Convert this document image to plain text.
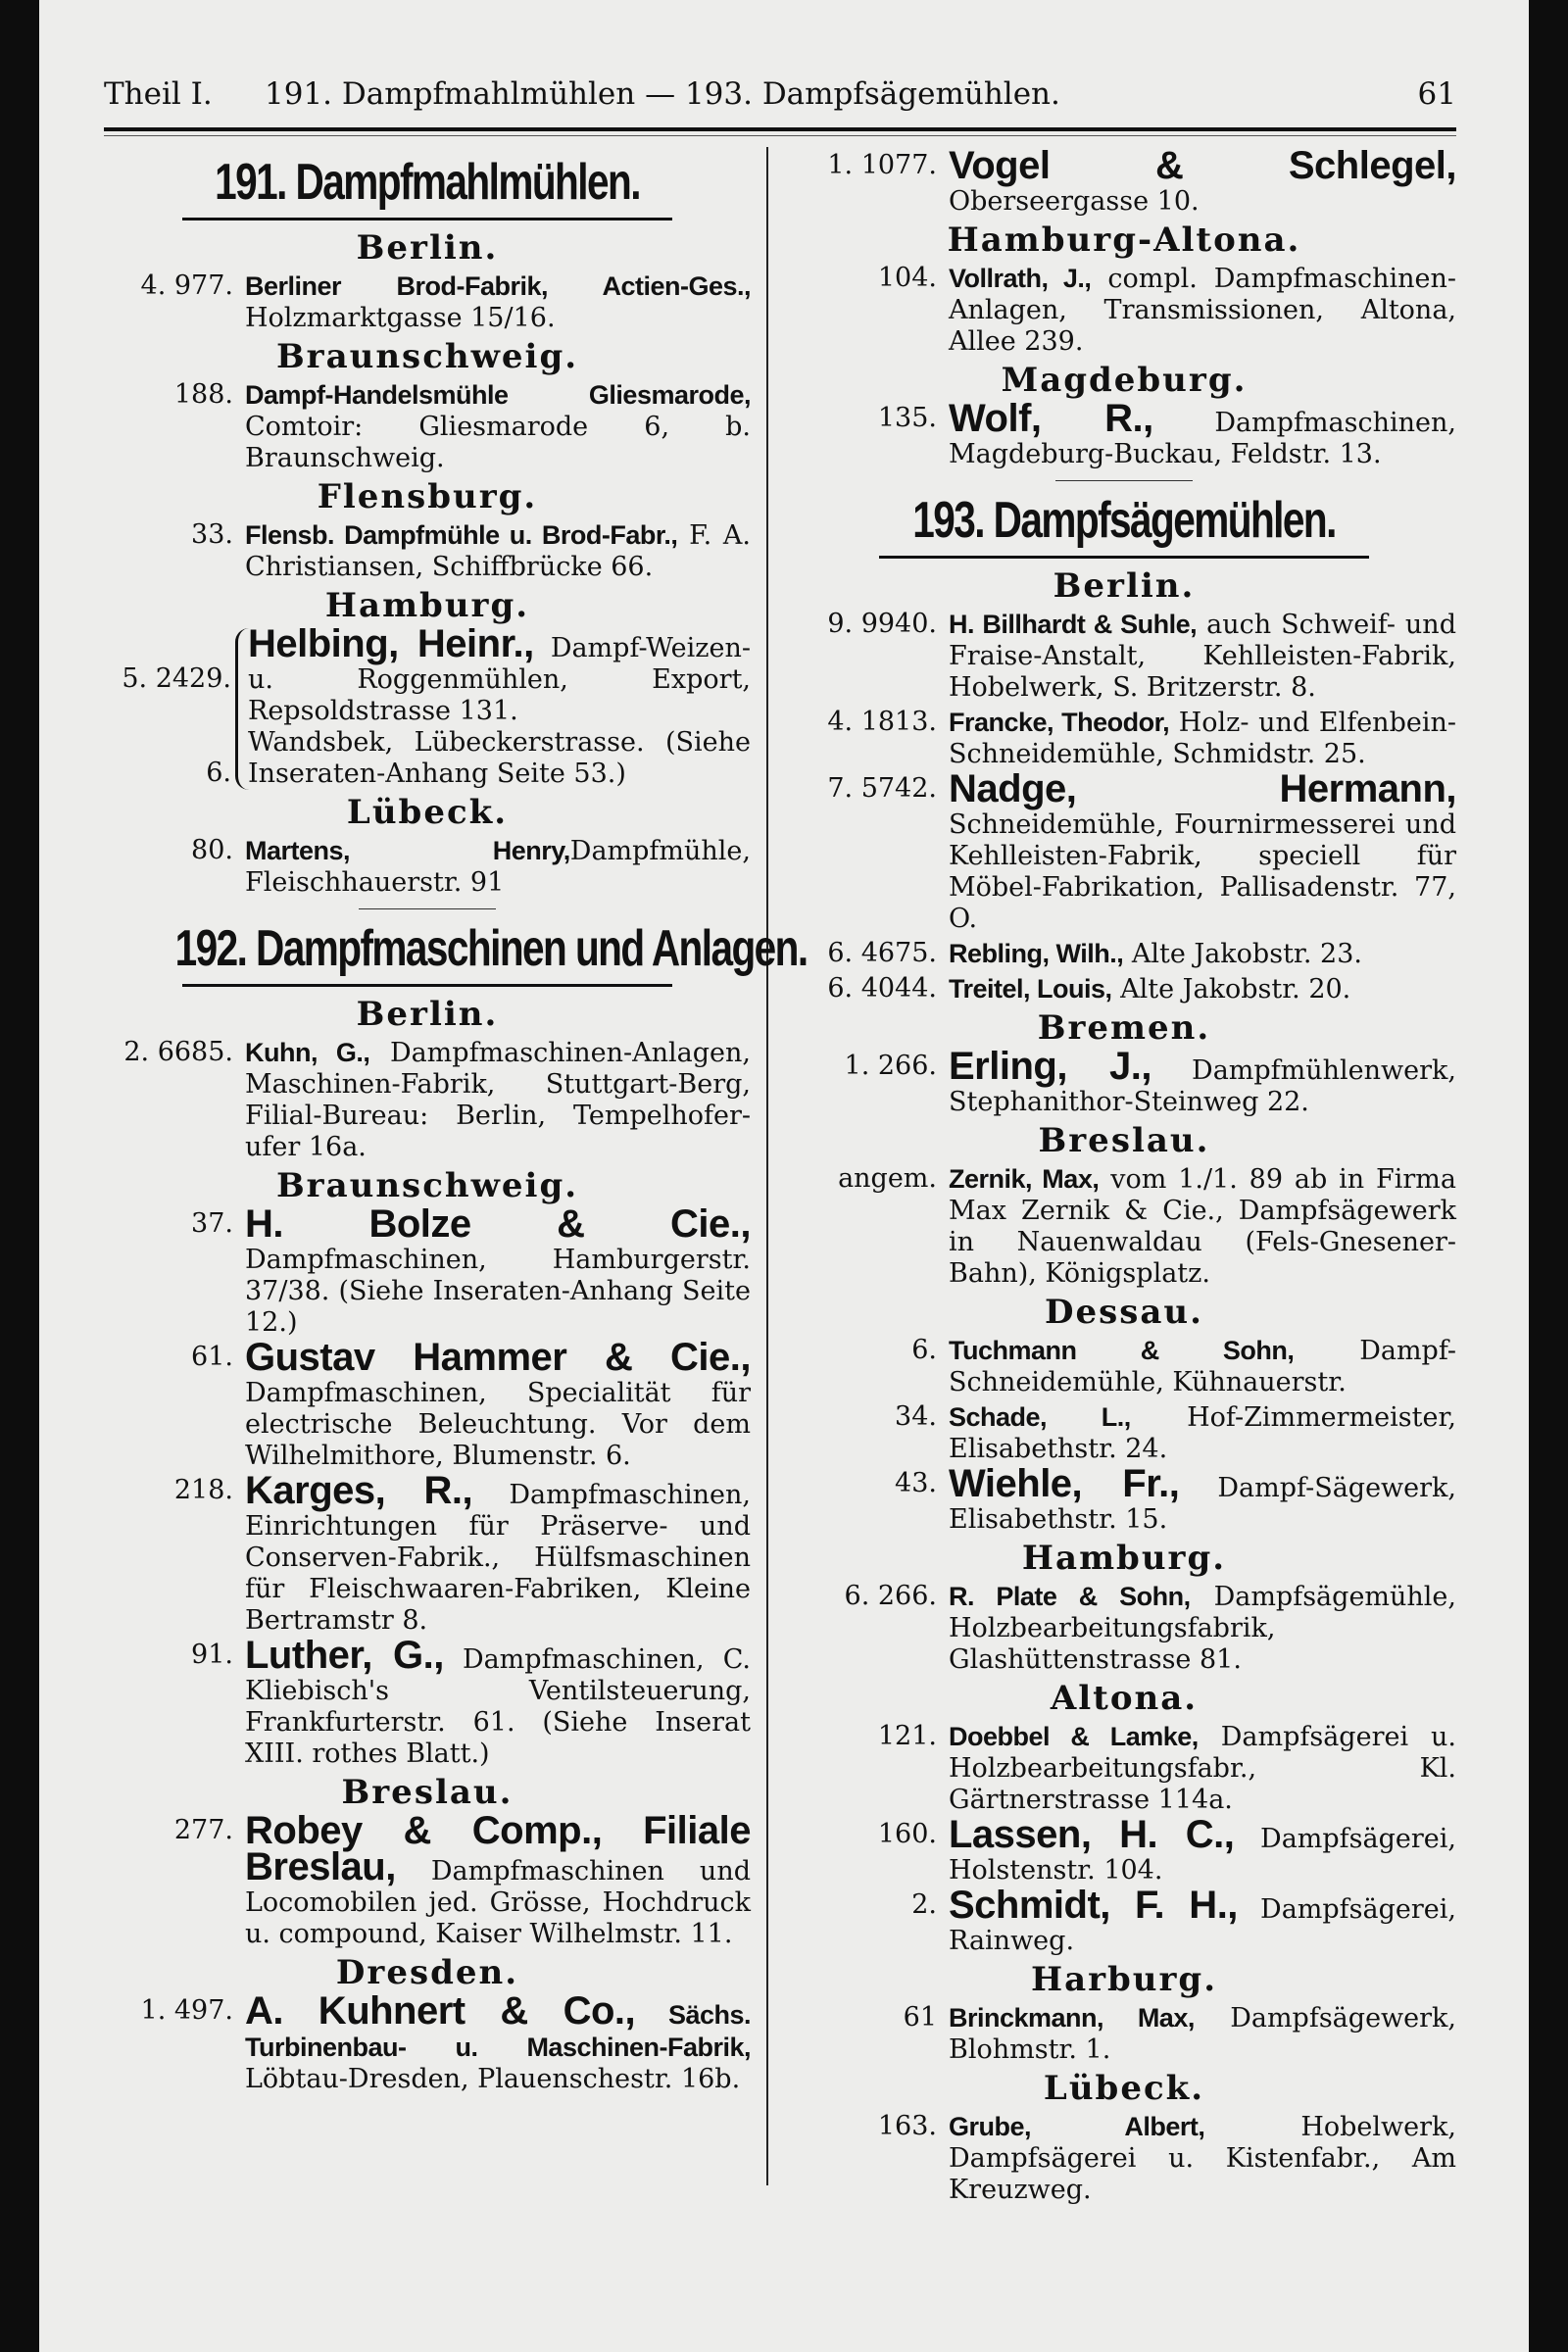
Theil I. 191. Dampfmahlmühlen — 193. Dampfsägemühlen.	61
191. Dampfmahlmühlen.
Berlin.
4. 977. Berliner Brod-Fabrik, Actien-Ges., Holzmarktgasse 15/16.
Braunschweig.
188. Dampf-Handelsmühle Gliesmarode, Comtoir: Gliesmarode 6, b. Braunschweig.
Flensburg.
33. Flensb. Dampfmühle u. Brod-Fabr., F. A. Christiansen, Schiffbrücke 66.
Hamburg.
5. 2429.
6.
Helbing, Heinr., Dampf-Weizen- u. Roggenmühlen, Export, Repsoldstrasse 131.
Wandsbek, Lübeckerstrasse. (Siehe Inseraten-Anhang Seite 53.)
Lübeck.
80. Martens, Henry,Dampfmühle, Fleischhauerstr. 91
192. Dampfmaschinen und Anlagen.
Berlin.
2. 6685. Kuhn, G., Dampfmaschinen-Anlagen, Maschinen-Fabrik, Stuttgart-Berg, Filial-Bureau: Berlin, Tempelhofer-ufer 16a.
Braunschweig.
37. H. Bolze & Cie., Dampfmaschinen, Hamburgerstr. 37/38. (Siehe Inseraten-Anhang Seite 12.)
61. Gustav Hammer & Cie., Dampfmaschinen, Specialität für electrische Beleuchtung. Vor dem Wilhelmithore, Blumenstr. 6.
218. Karges, R., Dampfmaschinen, Einrichtungen für Präserve- und Conserven-Fabrik., Hülfsmaschinen für Fleischwaaren-Fabriken, Kleine Bertramstr 8.
91. Luther, G., Dampfmaschinen, C. Kliebisch's Ventilsteuerung, Frankfurterstr. 61. (Siehe Inserat XIII. rothes Blatt.)
Breslau.
277. Robey & Comp., Filiale Breslau, Dampfmaschinen und Locomobilen jed. Grösse, Hochdruck u. compound, Kaiser Wilhelmstr. 11.
Dresden.
1. 497. A. Kuhnert & Co., Sächs. Turbinenbau- u. Maschinen-Fabrik, Löbtau-Dresden, Plauenschestr. 16b.
1. 1077. Vogel & Schlegel, Oberseergasse 10.
Hamburg-Altona.
104. Vollrath, J., compl. Dampfmaschinen-Anlagen, Transmissionen, Altona, Allee 239.
Magdeburg.
135. Wolf, R., Dampfmaschinen, Magdeburg-Buckau, Feldstr. 13.
193. Dampfsägemühlen.
Berlin.
9. 9940. H. Billhardt & Suhle, auch Schweif- und Fraise-Anstalt, Kehlleisten-Fabrik, Hobelwerk, S. Britzerstr. 8.
4. 1813. Francke, Theodor, Holz- und Elfenbein-Schneidemühle, Schmidstr. 25.
7. 5742. Nadge, Hermann, Schneidemühle, Fournirmesserei und Kehlleisten-Fabrik, speciell für Möbel-Fabrikation, Pallisadenstr. 77, O.
6. 4675. Rebling, Wilh., Alte Jakobstr. 23.
6. 4044. Treitel, Louis, Alte Jakobstr. 20.
Bremen.
1. 266. Erling, J., Dampfmühlenwerk, Stephanithor-Steinweg 22.
Breslau.
angem. Zernik, Max, vom 1./1. 89 ab in Firma Max Zernik & Cie., Dampfsägewerk in Nauenwaldau (Fels-Gnesener-Bahn), Königsplatz.
Dessau.
6. Tuchmann & Sohn, Dampf-Schneidemühle, Kühnauerstr.
34. Schade, L., Hof-Zimmermeister, Elisabethstr. 24.
43. Wiehle, Fr., Dampf-Sägewerk, Elisabethstr. 15.
Hamburg.
6. 266. R. Plate & Sohn, Dampfsägemühle, Holzbearbeitungsfabrik, Glashüttenstrasse 81.
Altona.
121. Doebbel & Lamke, Dampfsägerei u. Holzbearbeitungsfabr., Kl. Gärtnerstrasse 114a.
160. Lassen, H. C., Dampfsägerei, Holstenstr. 104.
2. Schmidt, F. H., Dampfsägerei, Rainweg.
Harburg.
61 Brinckmann, Max, Dampfsägewerk, Blohmstr. 1.
Lübeck.
163. Grube, Albert,	Hobelwerk, Dampfsägerei u. Kistenfabr., Am Kreuzweg.
